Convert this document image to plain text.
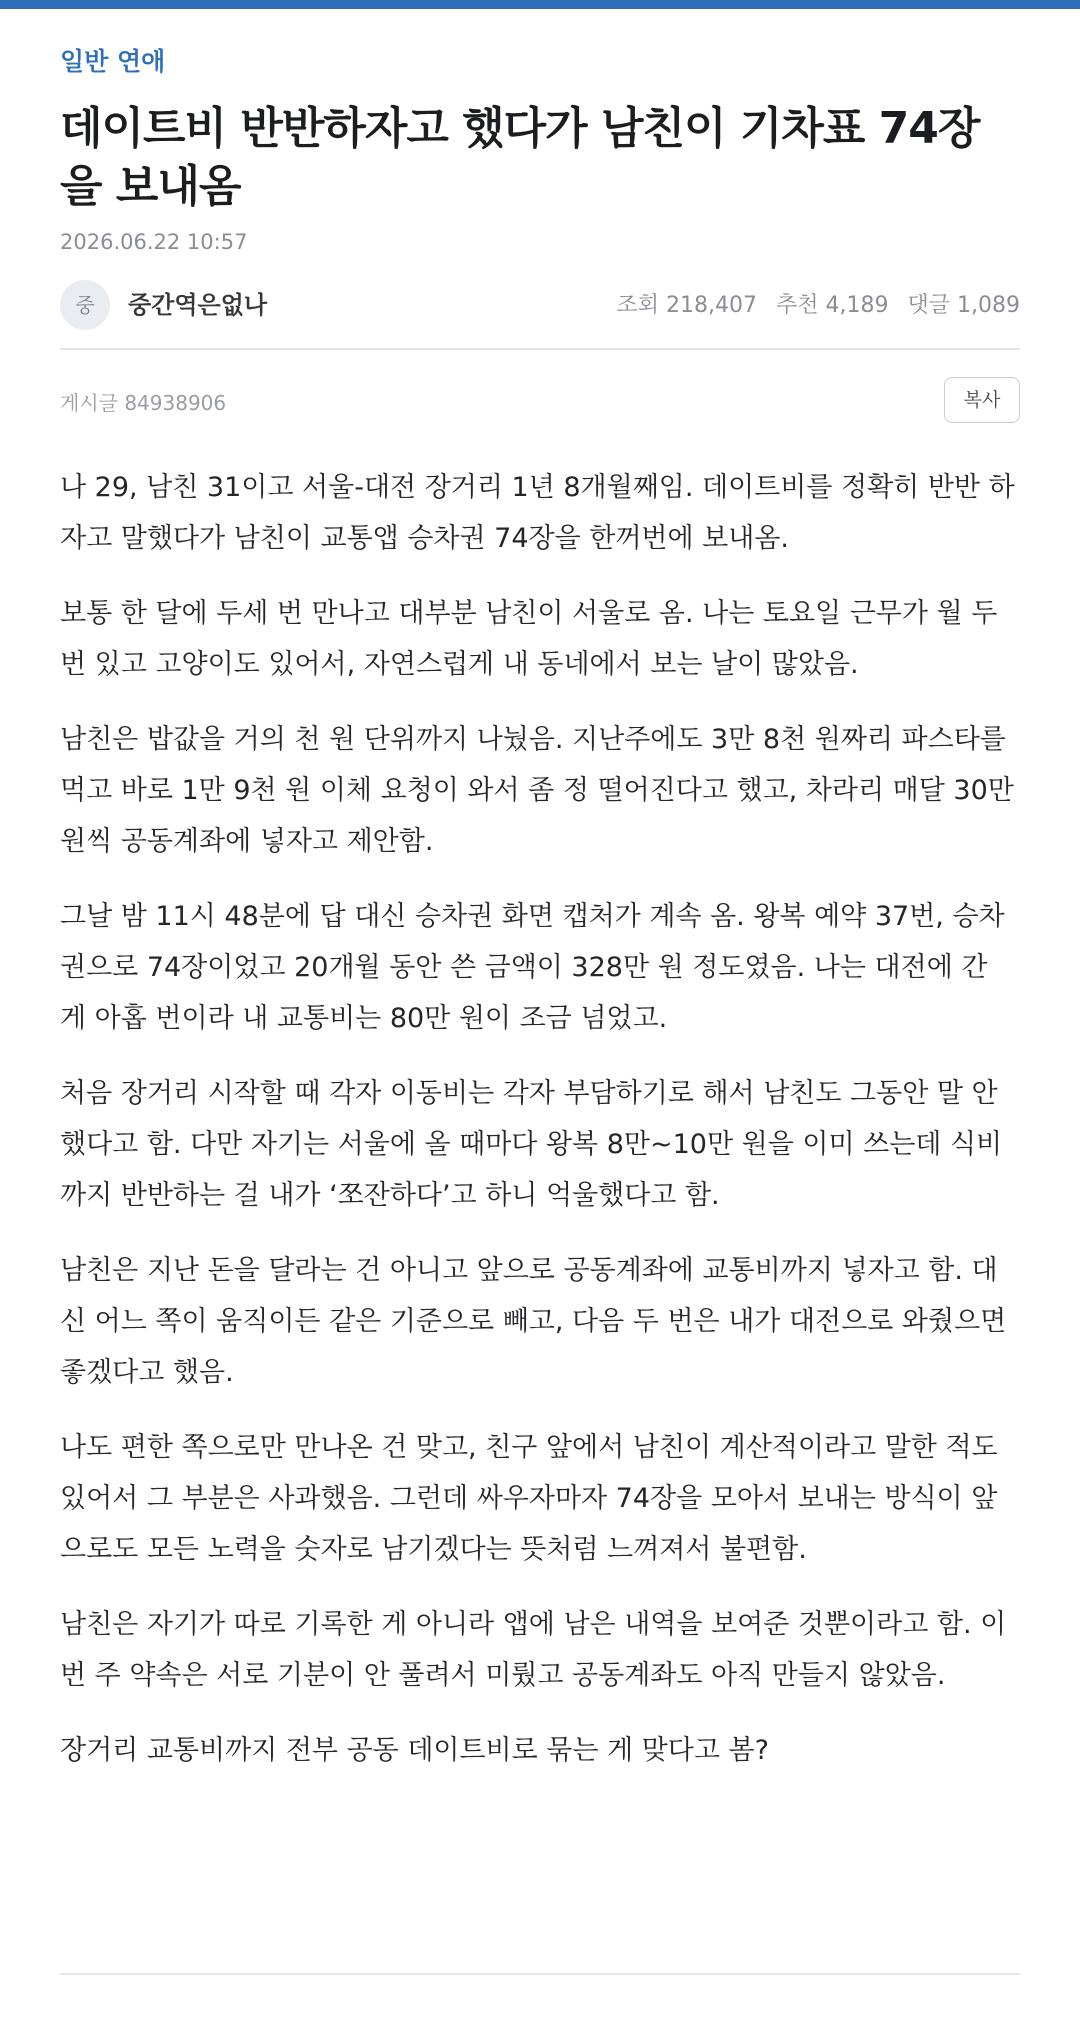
일반 연애
데이트비 반반하자고 했다가 남친이 기차표 74장을 보내옴
2026.06.22 10:57
중	중간역은없나	조회 218,407 추천 4,189 댓글 1,089
게시글 84938906	복사

나 29, 남친 31이고 서울-대전 장거리 1년 8개월째임. 데이트비를 정확히 반반 하자고 말했다가 남친이 교통앱 승차권 74장을 한꺼번에 보내옴.

보통 한 달에 두세 번 만나고 대부분 남친이 서울로 옴. 나는 토요일 근무가 월 두 번 있고 고양이도 있어서, 자연스럽게 내 동네에서 보는 날이 많았음.

남친은 밥값을 거의 천 원 단위까지 나눴음. 지난주에도 3만 8천 원짜리 파스타를 먹고 바로 1만 9천 원 이체 요청이 와서 좀 정 떨어진다고 했고, 차라리 매달 30만 원씩 공동계좌에 넣자고 제안함.

그날 밤 11시 48분에 답 대신 승차권 화면 캡처가 계속 옴. 왕복 예약 37번, 승차권으로 74장이었고 20개월 동안 쓴 금액이 328만 원 정도였음. 나는 대전에 간 게 아홉 번이라 내 교통비는 80만 원이 조금 넘었고.

처음 장거리 시작할 때 각자 이동비는 각자 부담하기로 해서 남친도 그동안 말 안 했다고 함. 다만 자기는 서울에 올 때마다 왕복 8만~10만 원을 이미 쓰는데 식비까지 반반하는 걸 내가 ‘쪼잔하다’고 하니 억울했다고 함.

남친은 지난 돈을 달라는 건 아니고 앞으로 공동계좌에 교통비까지 넣자고 함. 대신 어느 쪽이 움직이든 같은 기준으로 빼고, 다음 두 번은 내가 대전으로 와줬으면 좋겠다고 했음.

나도 편한 쪽으로만 만나온 건 맞고, 친구 앞에서 남친이 계산적이라고 말한 적도 있어서 그 부분은 사과했음. 그런데 싸우자마자 74장을 모아서 보내는 방식이 앞으로도 모든 노력을 숫자로 남기겠다는 뜻처럼 느껴져서 불편함.

남친은 자기가 따로 기록한 게 아니라 앱에 남은 내역을 보여준 것뿐이라고 함. 이번 주 약속은 서로 기분이 안 풀려서 미뤘고 공동계좌도 아직 만들지 않았음.

장거리 교통비까지 전부 공동 데이트비로 묶는 게 맞다고 봄?
